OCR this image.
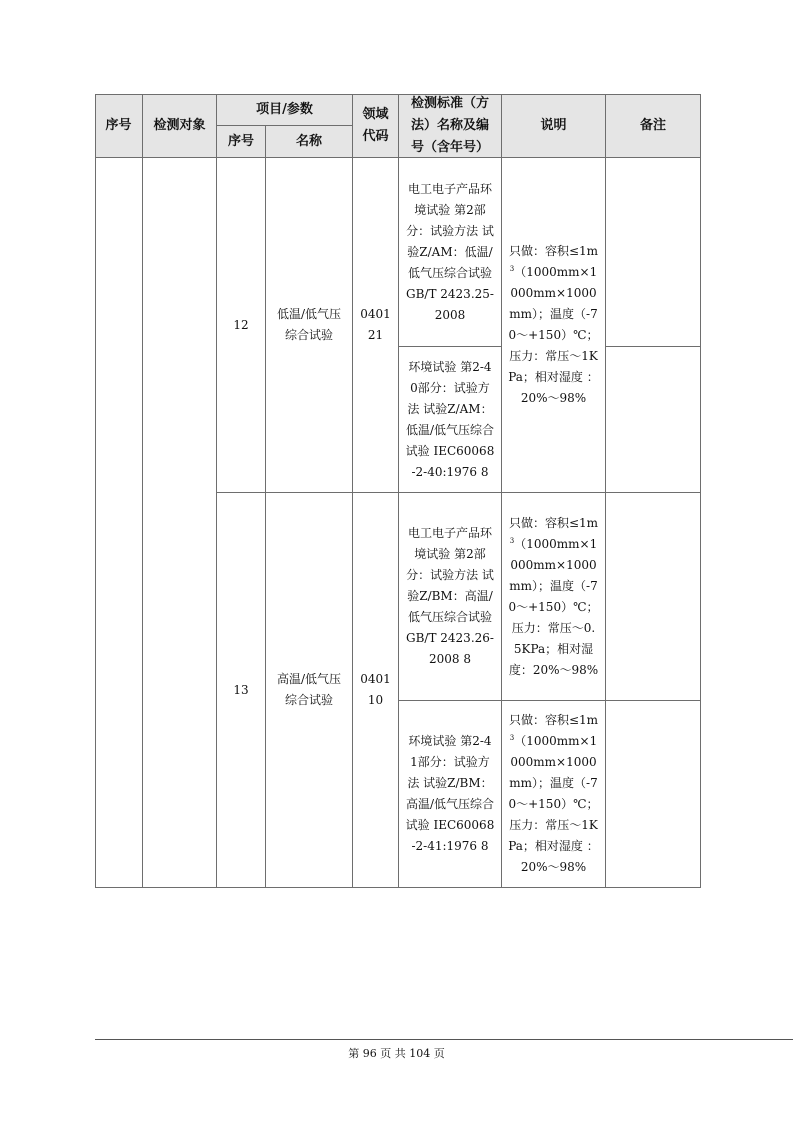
序号 检测对象
项目/参数
序号	名称
领域代码
检测标准（方法）名称及编号（含年号）
说明	备注
12
低温/低气压综合试验
040121
电工电子产品环境试验 第2部分：试验方法 试验Z/AM：低温/低气压综合试验 GB/T 2423.25-2008
环境试验 第2-40部分：试验方法 试验Z/AM：低温/低气压综合试验 IEC60068-2-40:1976 8
只做：容积$\le 1m^3(1000mm\times 1000mm\times 1000mm)$；温度（-70～+150）℃；压力：常压～1KPa；相对湿度 ：20%～98%
13
高温/低气压综合试验
040110
电工电子产品环境试验 第2部分：试验方法 试验Z/BM：高温/低气压综合试验 GB/T 2423.26-2008 8
环境试验 第2-41部分：试验方法 试验Z/BM：高温/低气压综合试验 IEC60068-2-41:1976 8
只做：容积$\le 1m^3(1000mm\times 1000mm\times 1000mm)$；温度（-70～+150）℃；压力：常压～0.5KPa；相对湿度：20%～98%
只做：容积$\le 1m^3(1000mm\times 1000mm\times 1000mm)$；温度（-70～+150）℃；压力：常压～1KPa；相对湿度 ：20%～98%
第 96 页 共 104 页
